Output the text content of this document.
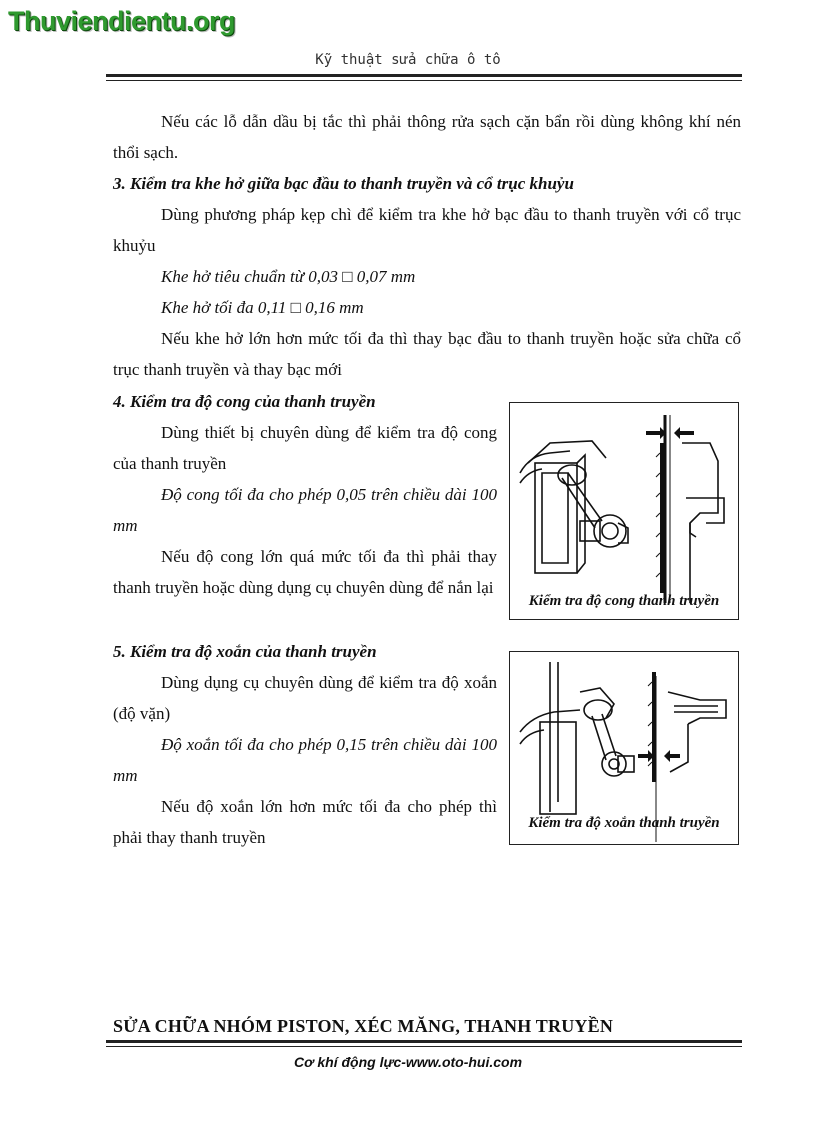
Thuviendientu.org
Kỹ thuật sửa chữa ô tô

Nếu các lỗ dẫn dầu bị tắc thì phải thông rửa sạch cặn bẩn rồi dùng không khí nén thổi sạch.

3. Kiểm tra khe hở giữa bạc đầu to thanh truyền và cổ trục khuỷu

Dùng phương pháp kẹp chì để kiểm tra khe hở bạc đầu to thanh truyền với cổ trục khuỷu

Khe hở tiêu chuẩn từ 0,03 □ 0,07 mm

Khe hở tối đa 0,11 □ 0,16 mm

Nếu khe hở lớn hơn mức tối đa thì thay bạc đầu to thanh truyền hoặc sửa chữa cổ trục thanh truyền và thay bạc mới

4. Kiểm tra độ cong của thanh truyền

Dùng thiết bị chuyên dùng để kiểm tra độ cong của thanh truyền

Độ cong tối đa cho phép 0,05 trên chiều dài 100 mm

Nếu độ cong lớn quá mức tối đa thì phải thay thanh truyền hoặc dùng dụng cụ chuyên dùng để nắn lại

Kiểm tra độ cong thanh truyền

5. Kiểm tra độ xoắn của thanh truyền

Dùng dụng cụ chuyên dùng để kiểm tra độ xoắn (độ vặn)

Độ xoắn tối đa cho phép 0,15 trên chiều dài 100 mm

Nếu độ xoắn lớn hơn mức tối đa cho phép thì phải thay thanh truyền

Kiểm tra độ xoắn thanh truyền
SỬA CHỮA NHÓM PISTON, XÉC MĂNG, THANH TRUYỀN
Cơ khí động lực-www.oto-hui.com
